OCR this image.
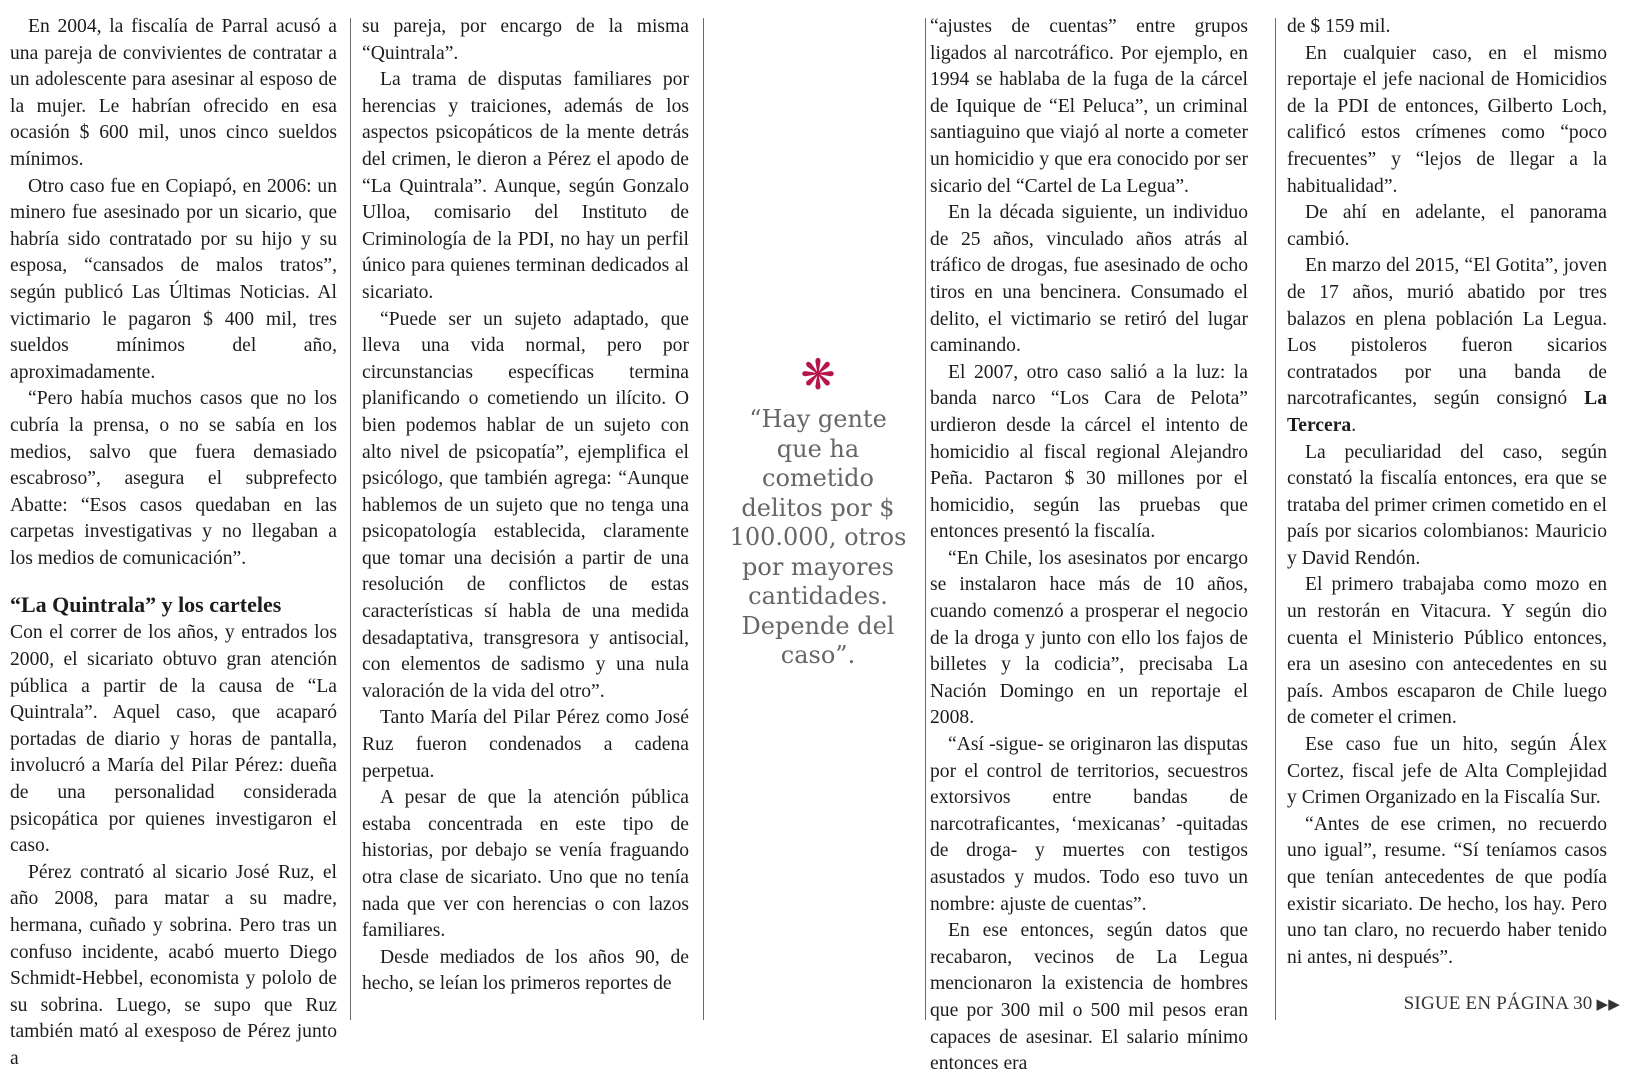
En 2004, la fiscalía de Parral acusó a una pareja de convivientes de contratar a un adolescente para asesinar al esposo de la mujer. Le habrían ofrecido en esa ocasión $ 600 mil, unos cinco sueldos mínimos.

Otro caso fue en Copiapó, en 2006: un minero fue asesinado por un sicario, que habría sido contratado por su hijo y su esposa, “cansados de malos tratos”, según publicó Las Últimas Noticias. Al victimario le pagaron $ 400 mil, tres sueldos mínimos del año, aproximadamente.

“Pero había muchos casos que no los cubría la prensa, o no se sabía en los medios, salvo que fuera demasiado escabroso”, asegura el subprefecto Abatte: “Esos casos quedaban en las carpetas investigativas y no llegaban a los medios de comunicación”.

“La Quintrala” y los carteles

Con el correr de los años, y entrados los 2000, el sicariato obtuvo gran atención pública a partir de la causa de “La Quintrala”. Aquel caso, que acaparó portadas de diario y horas de pantalla, involucró a María del Pilar Pérez: dueña de una personalidad considerada psicopática por quienes investigaron el caso.

Pérez contrató al sicario José Ruz, el año 2008, para matar a su madre, hermana, cuñado y sobrina. Pero tras un confuso incidente, acabó muerto Diego Schmidt-Hebbel, economista y pololo de su sobrina. Luego, se supo que Ruz también mató al exesposo de Pérez junto a

su pareja, por encargo de la misma “Quintrala”.

La trama de disputas familiares por herencias y traiciones, además de los aspectos psicopáticos de la mente detrás del crimen, le dieron a Pérez el apodo de “La Quintrala”. Aunque, según Gonzalo Ulloa, comisario del Instituto de Criminología de la PDI, no hay un perfil único para quienes terminan dedicados al sicariato.

“Puede ser un sujeto adaptado, que lleva una vida normal, pero por circunstancias específicas termina planificando o cometiendo un ilícito. O bien podemos hablar de un sujeto con alto nivel de psicopatía”, ejemplifica el psicólogo, que también agrega: “Aunque hablemos de un sujeto que no tenga una psicopatología establecida, claramente que tomar una decisión a partir de una resolución de conflictos de estas características sí habla de una medida desadaptativa, transgresora y antisocial, con elementos de sadismo y una nula valoración de la vida del otro”.

Tanto María del Pilar Pérez como José Ruz fueron condenados a cadena perpetua.

A pesar de que la atención pública estaba concentrada en este tipo de historias, por debajo se venía fraguando otra clase de sicariato. Uno que no tenía nada que ver con herencias o con lazos familiares.

Desde mediados de los años 90, de hecho, se leían los primeros reportes de

❋
“Hay gente que ha cometido delitos por $ 100.000, otros por mayores cantidades. Depende del caso”.

“ajustes de cuentas” entre grupos ligados al narcotráfico. Por ejemplo, en 1994 se hablaba de la fuga de la cárcel de Iquique de “El Peluca”, un criminal santiaguino que viajó al norte a cometer un homicidio y que era conocido por ser sicario del “Cartel de La Legua”.

En la década siguiente, un individuo de 25 años, vinculado años atrás al tráfico de drogas, fue asesinado de ocho tiros en una bencinera. Consumado el delito, el victimario se retiró del lugar caminando.

El 2007, otro caso salió a la luz: la banda narco “Los Cara de Pelota” urdieron desde la cárcel el intento de homicidio al fiscal regional Alejandro Peña. Pactaron $ 30 millones por el homicidio, según las pruebas que entonces presentó la fiscalía.

“En Chile, los asesinatos por encargo se instalaron hace más de 10 años, cuando comenzó a prosperar el negocio de la droga y junto con ello los fajos de billetes y la codicia”, precisaba La Nación Domingo en un reportaje el 2008.

“Así -sigue- se originaron las disputas por el control de territorios, secuestros extorsivos entre bandas de narcotraficantes, ‘mexicanas’ -quitadas de droga- y muertes con testigos asustados y mudos. Todo eso tuvo un nombre: ajuste de cuentas”.

En ese entonces, según datos que recabaron, vecinos de La Legua mencionaron la existencia de hombres que por 300 mil o 500 mil pesos eran capaces de asesinar. El salario mínimo entonces era

de $ 159 mil.

En cualquier caso, en el mismo reportaje el jefe nacional de Homicidios de la PDI de entonces, Gilberto Loch, calificó estos crímenes como “poco frecuentes” y “lejos de llegar a la habitualidad”.

De ahí en adelante, el panorama cambió.

En marzo del 2015, “El Gotita”, joven de 17 años, murió abatido por tres balazos en plena población La Legua. Los pistoleros fueron sicarios contratados por una banda de narcotraficantes, según consignó La Tercera.

La peculiaridad del caso, según constató la fiscalía entonces, era que se trataba del primer crimen cometido en el país por sicarios colombianos: Mauricio y David Rendón.

El primero trabajaba como mozo en un restorán en Vitacura. Y según dio cuenta el Ministerio Público entonces, era un asesino con antecedentes en su país. Ambos escaparon de Chile luego de cometer el crimen.

Ese caso fue un hito, según Álex Cortez, fiscal jefe de Alta Complejidad y Crimen Organizado en la Fiscalía Sur.

“Antes de ese crimen, no recuerdo uno igual”, resume. “Sí teníamos casos que tenían antecedentes de que podía existir sicariato. De hecho, los hay. Pero uno tan claro, no recuerdo haber tenido ni antes, ni después”.

SIGUE EN PÁGINA 30 ▶▶
